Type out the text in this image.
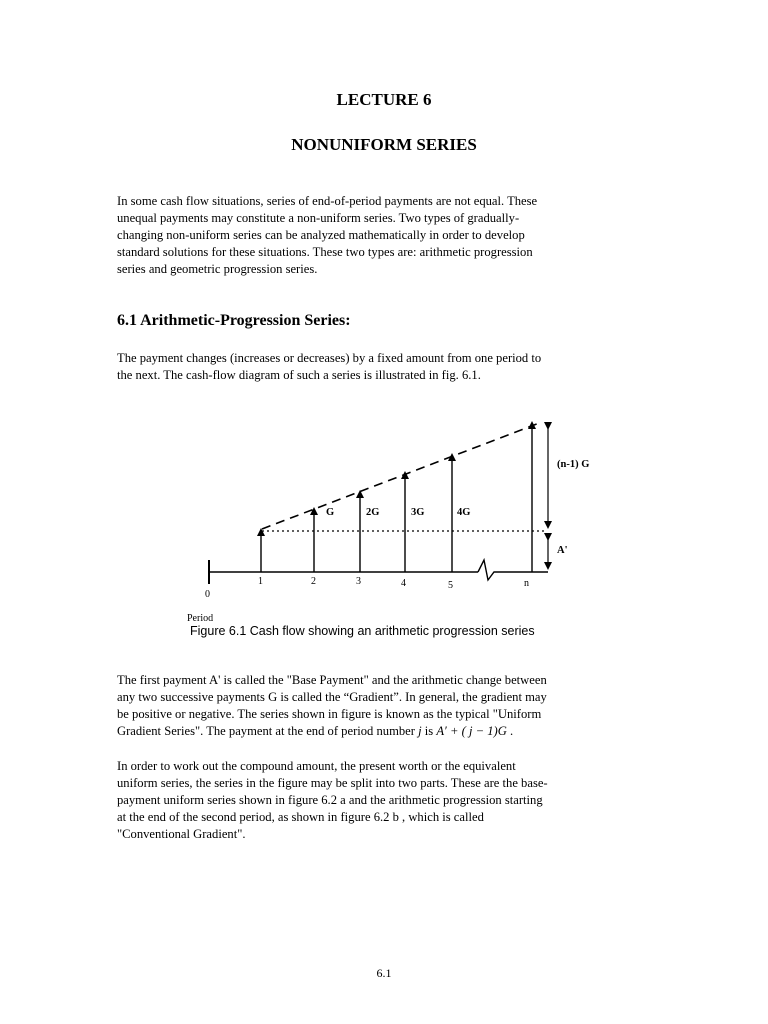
LECTURE 6
NONUNIFORM SERIES

In some cash flow situations, series of end-of-period payments are not equal. These
unequal payments may constitute a non-uniform series. Two types of gradually-
changing non-uniform series can be analyzed mathematically in order to develop
standard solutions for these situations. These two types are: arithmetic progression
series and geometric progression series.

6.1 Arithmetic-Progression Series:

The payment changes (increases or decreases) by a fixed amount from one period to
the next. The cash-flow diagram of such a series is illustrated in fig. 6.1.

G	2G	3G	4G
(n-1) G
A'
0
1	2	3	4	5	n
Period
Figure 6.1 Cash flow showing an arithmetic progression series

The first payment A' is called the "Base Payment" and the arithmetic change between
any two successive payments G is called the “Gradient”. In general, the gradient may
be positive or negative. The series shown in figure is known as the typical "Uniform
Gradient Series". The payment at the end of period number j is A′ + ( j − 1)G .

In order to work out the compound amount, the present worth or the equivalent
uniform series, the series in the figure may be split into two parts. These are the base-
payment uniform series shown in figure 6.2 a and the arithmetic progression starting
at the end of the second period, as shown in figure 6.2 b , which is called
"Conventional Gradient".

6.1
